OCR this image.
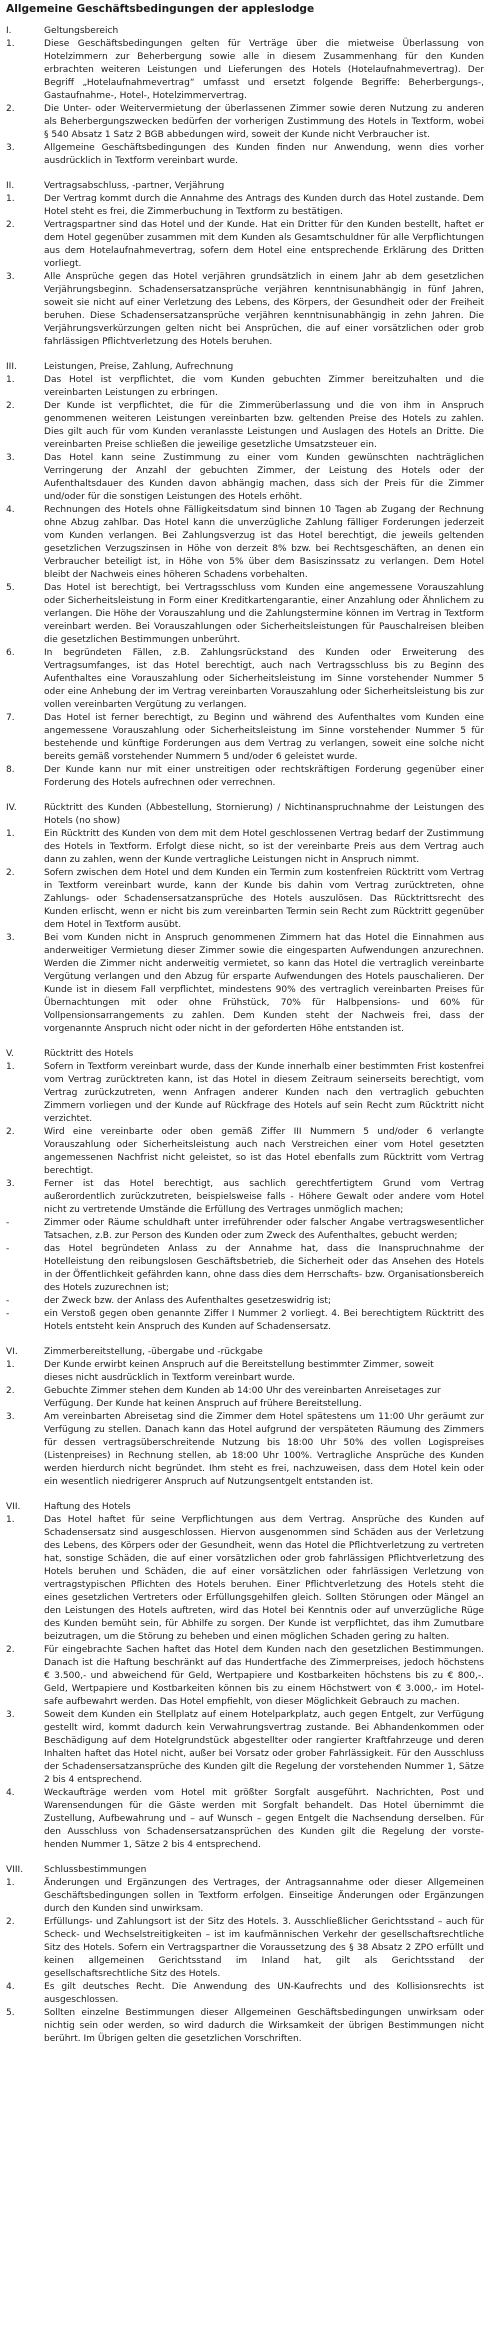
Allgemeine Geschäftsbedingungen der appleslodge
I.	Geltungsbereich
1.	Diese Geschäftsbedingungen gelten für Verträge über die mietweise Überlassung von Hotelzimmern zur Beherbergung sowie alle in diesem Zusammenhang für den Kunden erbrachten weiteren Leistungen und Lieferungen des Hotels (Hotelaufnahmevertrag). Der Begriff „Hotelaufnahmevertrag“ umfasst und ersetzt folgende Begriffe: Beherbergungs-, Gastaufnahme-, Hotel-, Hotelzimmervertrag.
2.	Die Unter- oder Weitervermietung der überlassenen Zimmer sowie deren Nutzung zu anderen als Beherbergungszwecken bedürfen der vorherigen Zustimmung des Hotels in Textform, wobei § 540 Absatz 1 Satz 2 BGB abbedungen wird, soweit der Kunde nicht Verbraucher ist.
3.	Allgemeine Geschäftsbedingungen des Kunden finden nur Anwendung, wenn dies vorher ausdrücklich in Textform vereinbart wurde.
II.	Vertragsabschluss, -partner, Verjährung
1.	Der Vertrag kommt durch die Annahme des Antrags des Kunden durch das Hotel zustande. Dem Hotel steht es frei, die Zimmerbuchung in Textform zu bestätigen.
2.	Vertragspartner sind das Hotel und der Kunde. Hat ein Dritter für den Kunden bestellt, haftet er dem Hotel gegenüber zusammen mit dem Kunden als Gesamtschuldner für alle Verpflichtungen aus dem Hotelaufnahmevertrag, sofern dem Hotel eine entsprechende Erklärung des Dritten vorliegt.
3.	Alle Ansprüche gegen das Hotel verjähren grundsätzlich in einem Jahr ab dem gesetzlichen Verjährungsbeginn. Schadensersatzansprüche verjähren kenntnisunabhängig in fünf Jahren, soweit sie nicht auf einer Verletzung des Lebens, des Körpers, der Gesundheit oder der Freiheit beruhen. Diese Schadensersatzansprüche verjähren kenntnisunabhängig in zehn Jahren. Die Verjährungsverkürzungen gelten nicht bei Ansprüchen, die auf einer vorsätzlichen oder grob fahrlässigen Pflichtverletzung des Hotels beruhen.
III.	Leistungen, Preise, Zahlung, Aufrechnung
1.	Das Hotel ist verpflichtet, die vom Kunden gebuchten Zimmer bereitzuhalten und die vereinbarten Leistungen zu erbringen.
2.	Der Kunde ist verpflichtet, die für die Zimmerüberlassung und die von ihm in Anspruch genommenen weiteren Leistungen vereinbarten bzw. geltenden Preise des Hotels zu zahlen. Dies gilt auch für vom Kunden veranlasste Leistungen und Auslagen des Hotels an Dritte. Die vereinbarten Preise schließen die jeweilige gesetzliche Umsatzsteuer ein.
3.	Das Hotel kann seine Zustimmung zu einer vom Kunden gewünschten nachträglichen Verringerung der Anzahl der gebuchten Zimmer, der Leistung des Hotels oder der Aufenthaltsdauer des Kunden davon abhängig machen, dass sich der Preis für die Zimmer und/oder für die sonstigen Leistungen des Hotels erhöht.
4.	Rechnungen des Hotels ohne Fälligkeitsdatum sind binnen 10 Tagen ab Zugang der Rechnung ohne Abzug zahlbar. Das Hotel kann die unverzügliche Zahlung fälliger Forderungen jederzeit vom Kunden verlangen. Bei Zahlungsverzug ist das Hotel berechtigt, die jeweils geltenden gesetzlichen Verzugszinsen in Höhe von derzeit 8% bzw. bei Rechtsgeschäften, an denen ein Verbraucher beteiligt ist, in Höhe von 5% über dem Basiszinssatz zu verlangen. Dem Hotel bleibt der Nachweis eines höheren Schadens vorbehalten.
5.	Das Hotel ist berechtigt, bei Vertragsschluss vom Kunden eine angemessene Vorauszahlung oder Sicherheitsleistung in Form einer Kreditkartengarantie, einer Anzahlung oder Ähnlichem zu verlangen. Die Höhe der Vorauszahlung und die Zahlungstermine können im Vertrag in Textform vereinbart werden. Bei Vorauszahlungen oder Sicherheitsleistungen für Pauschalreisen bleiben die gesetzlichen Bestimmungen unberührt.
6.	In begründeten Fällen, z.B. Zahlungsrückstand des Kunden oder Erweiterung des Vertragsumfanges, ist das Hotel berechtigt, auch nach Vertragsschluss bis zu Beginn des Aufenthaltes eine Vorauszahlung oder Sicherheitsleistung im Sinne vorstehender Nummer 5 oder eine Anhebung der im Vertrag vereinbarten Vorauszahlung oder Sicherheitsleistung bis zur vollen vereinbarten Vergütung zu verlangen.
7.	Das Hotel ist ferner berechtigt, zu Beginn und während des Aufenthaltes vom Kunden eine angemessene Vorauszahlung oder Sicherheitsleistung im Sinne vorstehender Nummer 5 für bestehende und künftige Forderungen aus dem Vertrag zu verlangen, soweit eine solche nicht bereits gemäß vorstehender Nummern 5 und/oder 6 geleistet wurde.
8.	Der Kunde kann nur mit einer unstreitigen oder rechtskräftigen Forderung gegenüber einer Forderung des Hotels aufrechnen oder verrechnen.
IV.	Rücktritt des Kunden (Abbestellung, Stornierung) / Nichtinanspruchnahme der Leistungen des Hotels (no show)
1.	Ein Rücktritt des Kunden von dem mit dem Hotel geschlossenen Vertrag bedarf der Zustimmung des Hotels in Textform. Erfolgt diese nicht, so ist der vereinbarte Preis aus dem Vertrag auch dann zu zahlen, wenn der Kunde vertragliche Leistungen nicht in Anspruch nimmt.
2.	Sofern zwischen dem Hotel und dem Kunden ein Termin zum kostenfreien Rücktritt vom Vertrag in Textform vereinbart wurde, kann der Kunde bis dahin vom Vertrag zurücktreten, ohne Zahlungs- oder Schadensersatzansprüche des Hotels auszulösen. Das Rücktrittsrecht des Kunden erlischt, wenn er nicht bis zum vereinbarten Termin sein Recht zum Rücktritt gegenüber dem Hotel in Textform ausübt.
3.	Bei vom Kunden nicht in Anspruch genommenen Zimmern hat das Hotel die Einnahmen aus anderweitiger Vermietung dieser Zimmer sowie die eingesparten Aufwendungen anzurechnen. Werden die Zimmer nicht anderweitig vermietet, so kann das Hotel die vertraglich vereinbarte Vergütung verlangen und den Abzug für ersparte Aufwendungen des Hotels pauschalieren. Der Kunde ist in diesem Fall verpflichtet, mindestens 90% des vertraglich vereinbarten Preises für Übernachtungen mit oder ohne Frühstück, 70% für Halbpensions- und 60% für Vollpensionsarrangements zu zahlen. Dem Kunden steht der Nachweis frei, dass der vorgenannte Anspruch nicht oder nicht in der geforderten Höhe entstanden ist.
V.	Rücktritt des Hotels
1.	Sofern in Textform vereinbart wurde, dass der Kunde innerhalb einer bestimmten Frist kostenfrei vom Vertrag zurücktreten kann, ist das Hotel in diesem Zeitraum seinerseits berechtigt, vom Vertrag zurückzutreten, wenn Anfragen anderer Kunden nach den vertraglich gebuchten Zimmern vorliegen und der Kunde auf Rückfrage des Hotels auf sein Recht zum Rücktritt nicht verzichtet.
2.	Wird eine vereinbarte oder oben gemäß Ziffer III Nummern 5 und/oder 6 verlangte Vorauszahlung oder Sicherheitsleistung auch nach Verstreichen einer vom Hotel gesetzten angemessenen Nachfrist nicht geleistet, so ist das Hotel ebenfalls zum Rücktritt vom Vertrag berechtigt.
3.	Ferner ist das Hotel berechtigt, aus sachlich gerechtfertigtem Grund vom Vertrag außerordentlich zurückzutreten, beispielsweise falls - Höhere Gewalt oder andere vom Hotel nicht zu vertretende Umstände die Erfüllung des Vertrages unmöglich machen;
-	Zimmer oder Räume schuldhaft unter irreführender oder falscher Angabe vertragswesentlicher Tatsachen, z.B. zur Person des Kunden oder zum Zweck des Aufenthaltes, gebucht werden;
-	das Hotel begründeten Anlass zu der Annahme hat, dass die Inanspruchnahme der Hotelleistung den reibungslosen Geschäftsbetrieb, die Sicherheit oder das Ansehen des Hotels in der Öffentlichkeit gefährden kann, ohne dass dies dem Herrschafts- bzw. Organisationsbereich des Hotels zuzurechnen ist;
-	der Zweck bzw. der Anlass des Aufenthaltes gesetzeswidrig ist;
-	ein Verstoß gegen oben genannte Ziffer I Nummer 2 vorliegt. 4. Bei berechtigtem Rücktritt des Hotels entsteht kein Anspruch des Kunden auf Schadensersatz.
VI.	Zimmerbereitstellung, -übergabe und -rückgabe
1.	Der Kunde erwirbt keinen Anspruch auf die Bereitstellung bestimmter Zimmer, soweit
dieses nicht ausdrücklich in Textform vereinbart wurde.
2.	Gebuchte Zimmer stehen dem Kunden ab 14:00 Uhr des vereinbarten Anreisetages zur
Verfügung. Der Kunde hat keinen Anspruch auf frühere Bereitstellung.
3.	Am vereinbarten Abreisetag sind die Zimmer dem Hotel spätestens um 11:00 Uhr geräumt zur Verfügung zu stellen. Danach kann das Hotel aufgrund der verspäteten Räumung des Zimmers für dessen vertragsüberschreitende Nutzung bis 18:00 Uhr 50% des vollen Logispreises (Listenpreises) in Rechnung stellen, ab 18:00 Uhr 100%. Vertragliche Ansprüche des Kunden werden hierdurch nicht begründet. Ihm steht es frei, nachzuweisen, dass dem Hotel kein oder ein wesentlich niedrigerer Anspruch auf Nutzungsentgelt entstanden ist.
VII.	Haftung des Hotels
1.	Das Hotel haftet für seine Verpflichtungen aus dem Vertrag. Ansprüche des Kunden auf Schadensersatz sind ausgeschlossen. Hiervon ausgenommen sind Schäden aus der Verletzung des Lebens, des Körpers oder der Gesundheit, wenn das Hotel die Pflichtverletzung zu vertreten hat, sonstige Schäden, die auf einer vorsätzlichen oder grob fahrlässigen Pflichtverletzung des Hotels beruhen und Schäden, die auf einer vorsätzlichen oder fahrlässigen Verletzung von vertragstypischen Pflichten des Hotels beruhen. Einer Pflichtverletzung des Hotels steht die eines gesetzlichen Vertreters oder Erfüllungsgehilfen gleich. Sollten Störungen oder Mängel an den Leistungen des Hotels auftreten, wird das Hotel bei Kenntnis oder auf unverzügliche Rüge des Kunden bemüht sein, für Abhilfe zu sorgen. Der Kunde ist verpflichtet, das ihm Zumutbare beizutragen, um die Störung zu beheben und einen möglichen Schaden gering zu halten.
2.	Für eingebrachte Sachen haftet das Hotel dem Kunden nach den gesetzlichen Bestimmungen. Danach ist die Haftung beschränkt auf das Hundertfache des Zimmerpreises, jedoch höchstens € 3.500,- und abweichend für Geld, Wertpapiere und Kostbarkeiten höchstens bis zu € 800,-. Geld, Wertpapiere und Kostbarkeiten können bis zu einem Höchstwert von € 3.000,- im Hotel- safe aufbewahrt werden. Das Hotel empfiehlt, von dieser Möglichkeit Gebrauch zu machen.
3.	Soweit dem Kunden ein Stellplatz auf einem Hotelparkplatz, auch gegen Entgelt, zur Verfügung gestellt wird, kommt dadurch kein Verwahrungsvertrag zustande. Bei Abhandenkommen oder Beschädigung auf dem Hotelgrundstück abgestellter oder rangierter Kraftfahrzeuge und deren Inhalten haftet das Hotel nicht, außer bei Vorsatz oder grober Fahrlässigkeit. Für den Ausschluss der Schadensersatzansprüche des Kunden gilt die Regelung der vorstehenden Nummer 1, Sätze 2 bis 4 entsprechend.
4.	Weckaufträge werden vom Hotel mit größter Sorgfalt ausgeführt. Nachrichten, Post und Warensendungen für die Gäste werden mit Sorgfalt behandelt. Das Hotel übernimmt die Zustellung, Aufbewahrung und – auf Wunsch – gegen Entgelt die Nachsendung derselben. Für den Ausschluss von Schadensersatzansprüchen des Kunden gilt die Regelung der vorste- henden Nummer 1, Sätze 2 bis 4 entsprechend.
VIII.	Schlussbestimmungen
1.	Änderungen und Ergänzungen des Vertrages, der Antragsannahme oder dieser Allgemeinen Geschäftsbedingungen sollen in Textform erfolgen. Einseitige Änderungen oder Ergänzungen durch den Kunden sind unwirksam.
2.	Erfüllungs- und Zahlungsort ist der Sitz des Hotels. 3. Ausschließlicher Gerichtsstand – auch für Scheck- und Wechselstreitigkeiten – ist im kaufmännischen Verkehr der gesellschaftsrechtliche Sitz des Hotels. Sofern ein Vertragspartner die Voraussetzung des § 38 Absatz 2 ZPO erfüllt und keinen allgemeinen Gerichtsstand im Inland hat, gilt als Gerichtsstand der gesellschaftsrechtliche Sitz des Hotels.
4.	Es gilt deutsches Recht. Die Anwendung des UN-Kaufrechts und des Kollisionsrechts ist ausgeschlossen.
5.	Sollten einzelne Bestimmungen dieser Allgemeinen Geschäftsbedingungen unwirksam oder nichtig sein oder werden, so wird dadurch die Wirksamkeit der übrigen Bestimmungen nicht berührt. Im Übrigen gelten die gesetzlichen Vorschriften.
